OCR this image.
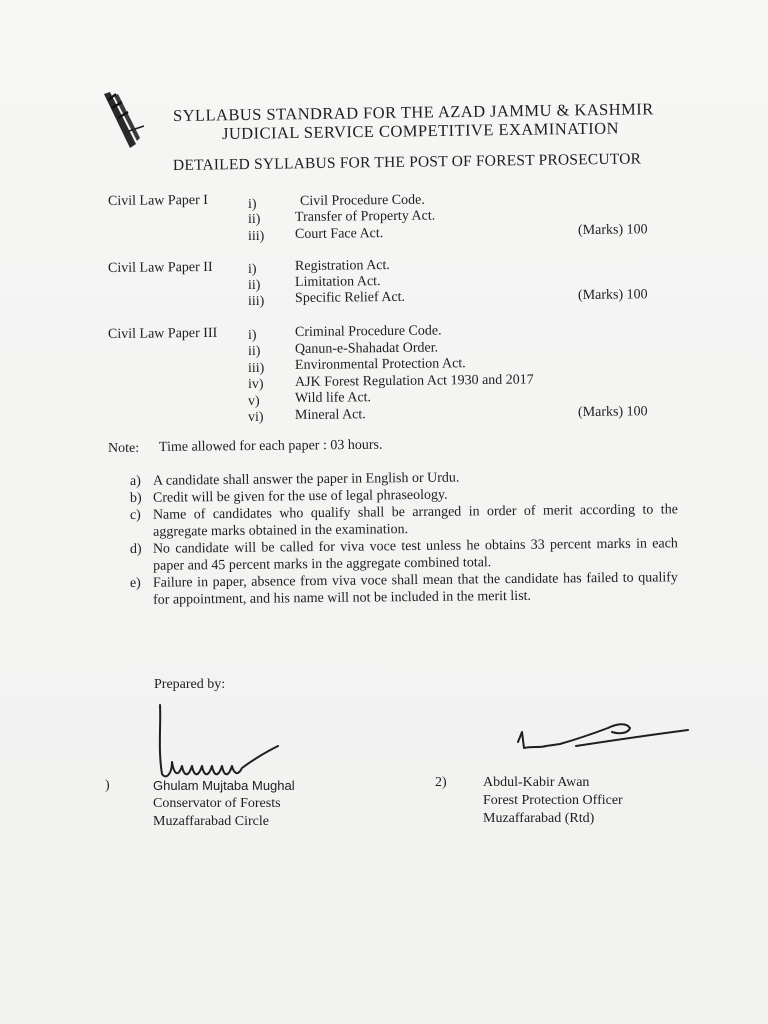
SYLLABUS STANDRAD FOR THE AZAD JAMMU & KASHMIR
JUDICIAL SERVICE COMPETITIVE EXAMINATION
DETAILED SYLLABUS FOR THE POST OF FOREST PROSECUTOR
Civil Law Paper I	i)	Civil Procedure Code.
ii) Transfer of Property Act.
iii) Court Face Act.	(Marks) 100
Civil Law Paper II	i)	Registration Act.
ii) Limitation Act.
iii) Specific Relief Act.	(Marks) 100
Civil Law Paper III i)	Criminal Procedure Code.
ii) Qanun-e-Shahadat Order.
iii) Environmental Protection Act.
iv) AJK Forest Regulation Act 1930 and 2017
v)	Wild life Act.
vi) Mineral Act.	(Marks) 100
Note: Time allowed for each paper : 03 hours.
a) A candidate shall answer the paper in English or Urdu.
b) Credit will be given for the use of legal phraseology.
c) Name of candidates who qualify shall be arranged in order of merit according to the aggregate marks obtained in the examination.
d) No candidate will be called for viva voce test unless he obtains 33 percent marks in each paper and 45 percent marks in the aggregate combined total.
e) Failure in paper, absence from viva voce shall mean that the candidate has failed to qualify for appointment, and his name will not be included in the merit list.
Prepared by:
)	Ghulam Mujtaba Mughal
Conservator of Forests
Muzaffarabad Circle
2)	Abdul-Kabir Awan
Forest Protection Officer
Muzaffarabad (Rtd)
